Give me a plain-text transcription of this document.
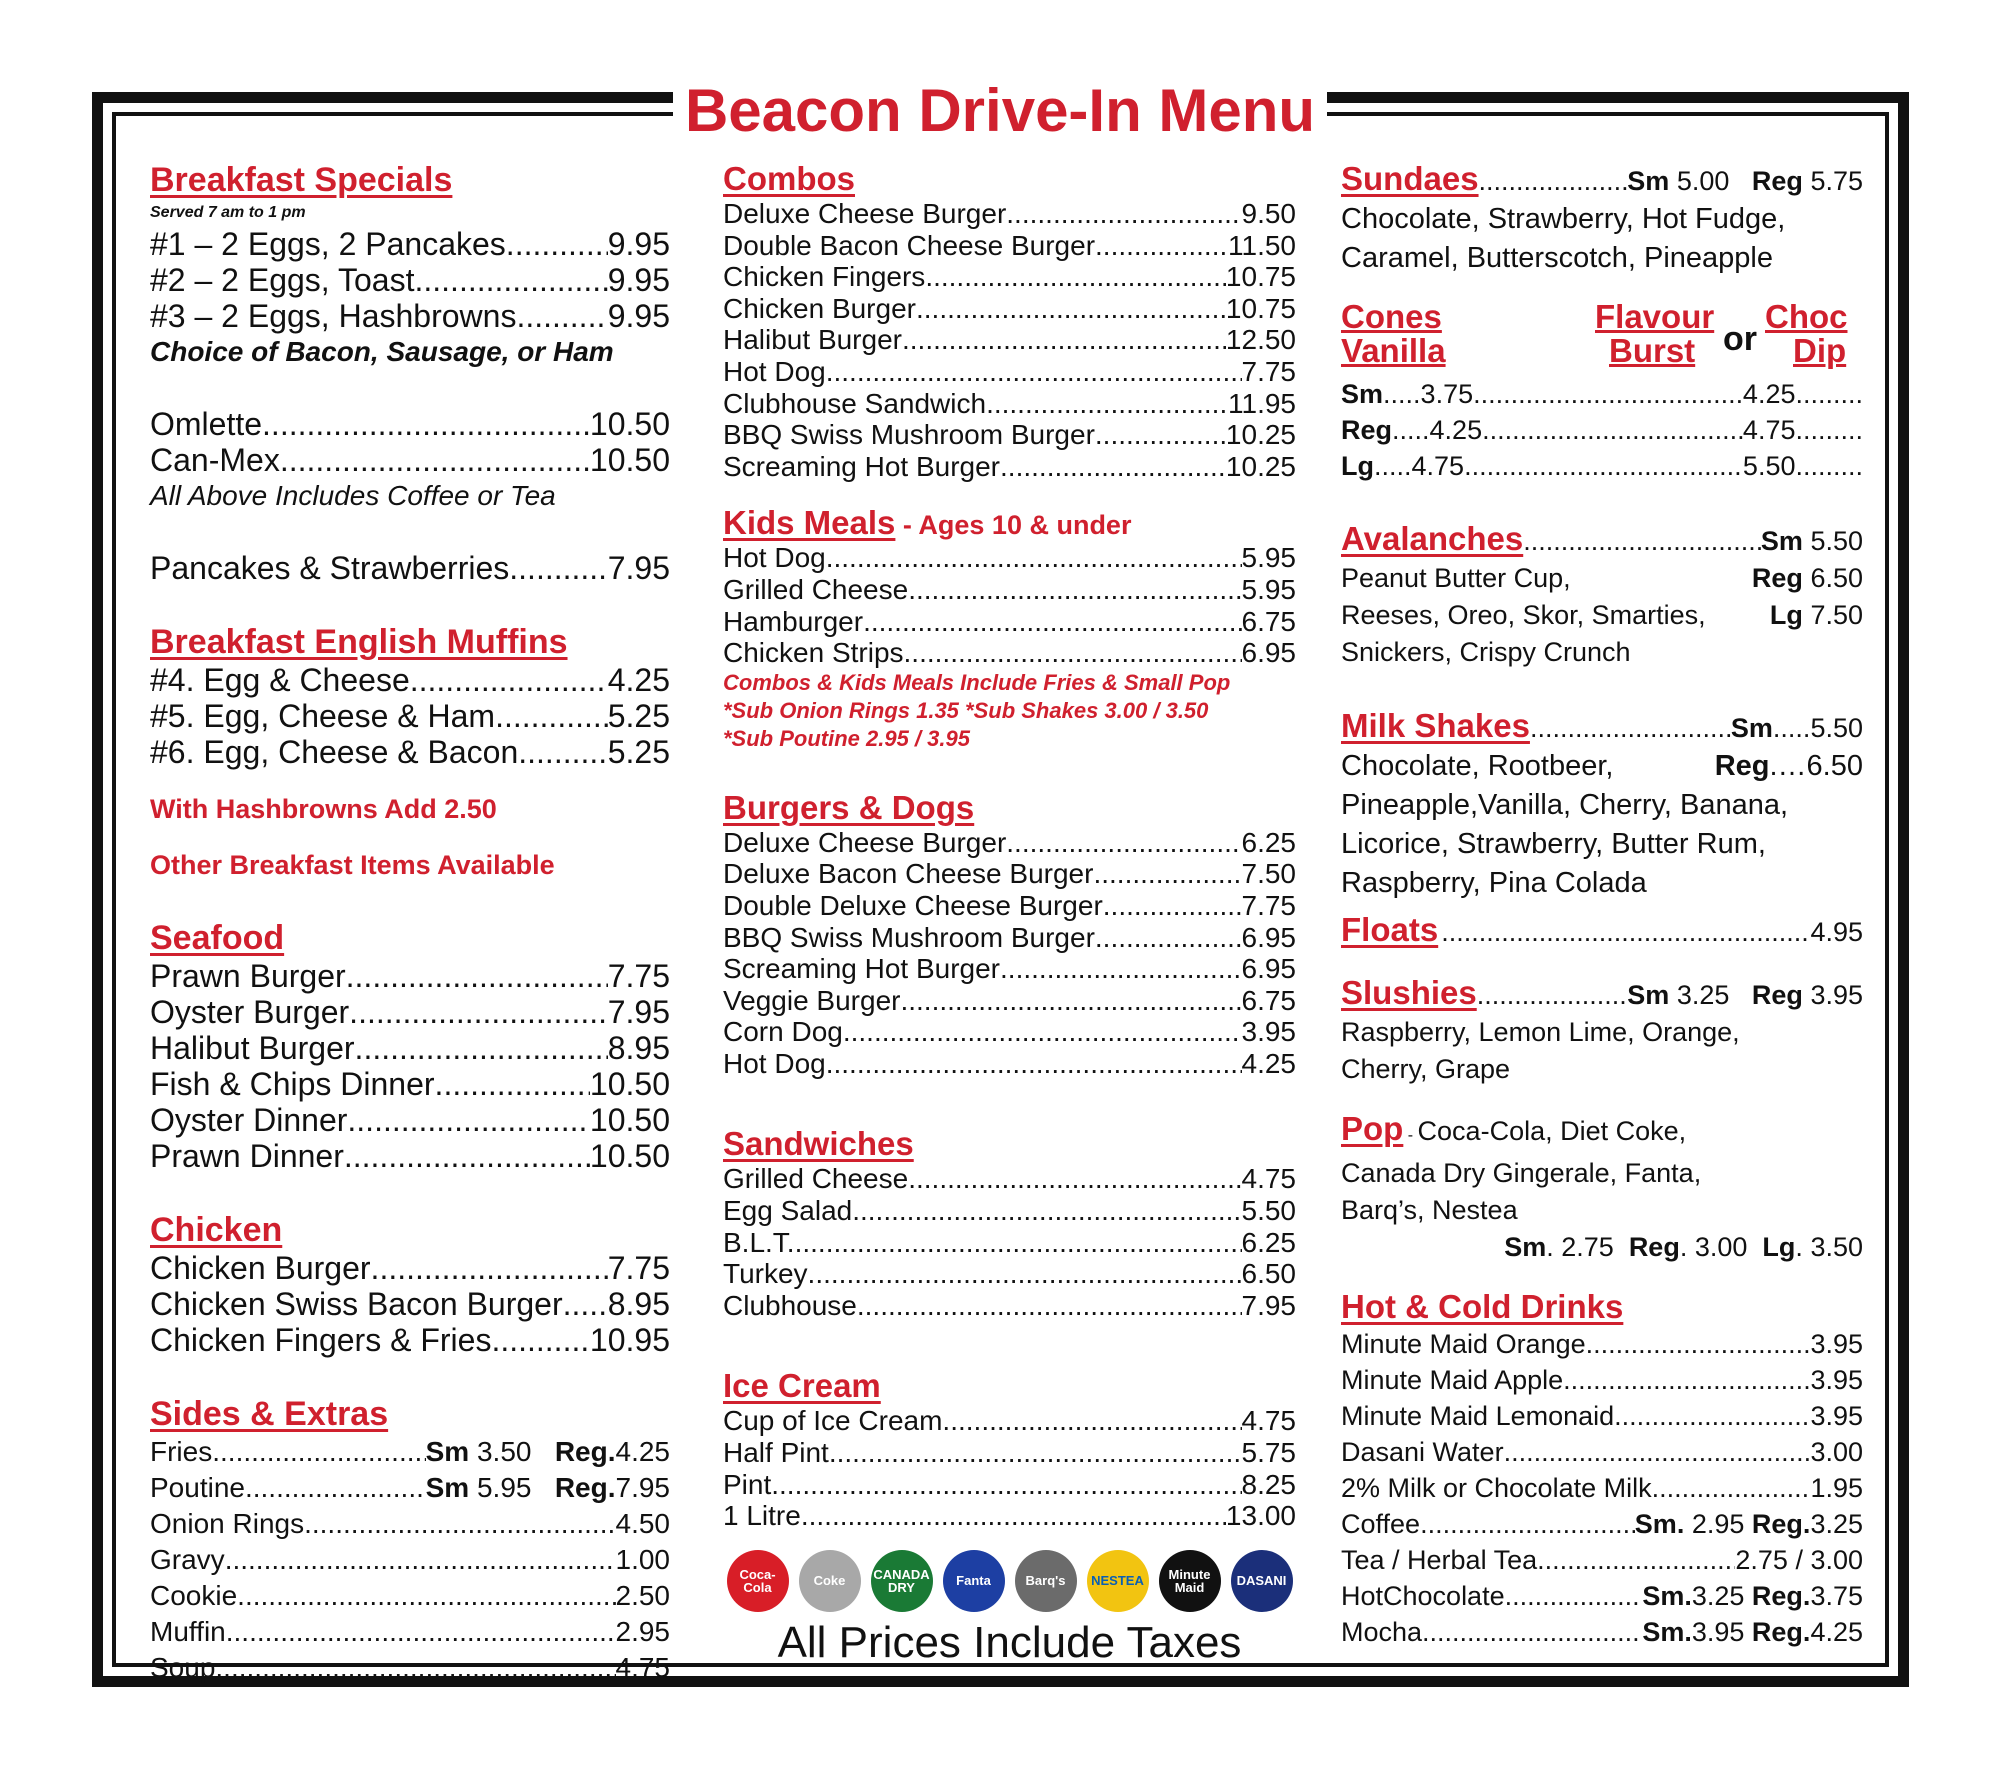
Beacon Drive-In Menu
Breakfast Specials
Served 7 am to 1 pm
#1 – 2 Eggs, 2 Pancakes .....	9.95
#2 – 2 Eggs, Toast .....	9.95
#3 – 2 Eggs, Hashbrowns .....	9.95
Choice of Bacon, Sausage, or Ham
Omlette .....	10.50
Can-Mex .....	10.50
All Above Includes Coffee or Tea
Pancakes & Strawberries .....	7.95
Breakfast English Muffins
#4. Egg & Cheese .....	4.25
#5. Egg, Cheese & Ham .....	5.25
#6. Egg, Cheese & Bacon .....	5.25
With Hashbrowns Add 2.50
Other Breakfast Items Available
Seafood
Prawn Burger .....	7.75
Oyster Burger .....	7.95
Halibut Burger .....	8.95
Fish & Chips Dinner .....	10.50
Oyster Dinner .....	10.50
Prawn Dinner .....	10.50
Chicken
Chicken Burger .....	7.75
Chicken Swiss Bacon Burger ..... 8.95
Chicken Fingers & Fries .....	10.95
Sides & Extras
Fries .....	Sm 3.50 Reg.4.25
Poutine .....	Sm 5.95 Reg.7.95
Onion Rings .....	4.50
Gravy .....	1.00
Cookie .....	2.50
Muffin .....	2.95
Soup .....	4.75
Combos
Deluxe Cheese Burger .....	9.50
Double Bacon Cheese Burger .....	11.50
Chicken Fingers .....	10.75
Chicken Burger .....	10.75
Halibut Burger .....	12.50
Hot Dog .....	7.75
Clubhouse Sandwich .....	11.95
BBQ Swiss Mushroom Burger .....	10.25
Screaming Hot Burger .....	10.25
Kids Meals - Ages 10 & under
Hot Dog .....	5.95
Grilled Cheese .....	5.95
Hamburger .....	6.75
Chicken Strips .....	6.95
Combos & Kids Meals Include Fries & Small Pop
*Sub Onion Rings 1.35 *Sub Shakes 3.00 / 3.50
*Sub Poutine 2.95 / 3.95
Burgers & Dogs
Deluxe Cheese Burger .....	6.25
Deluxe Bacon Cheese Burger .....	7.50
Double Deluxe Cheese Burger .....	7.75
BBQ Swiss Mushroom Burger .....	6.95
Screaming Hot Burger .....	6.95
Veggie Burger .....	6.75
Corn Dog .....	3.95
Hot Dog .....	4.25
Sandwiches
Grilled Cheese .....	4.75
Egg Salad .....	5.50
B.L.T. .....	6.25
Turkey .....	6.50
Clubhouse .....	7.95
Ice Cream
Cup of Ice Cream .....	4.75
Half Pint .....	5.75
Pint .....	8.25
1 Litre .....	13.00
Coca-Cola	Coke	CANADA DRY	Fanta	Barq's	NESTEA	Minute Maid	DASANI
All Prices Include Taxes
Sundaes .....	Sm 5.00 Reg 5.75
Chocolate, Strawberry, Hot Fudge,
Caramel, Butterscotch, Pineapple
Cones
Vanilla
Flavour
Burst or
Choc
Dip
Sm ..... 3.75 .....	4.25 .........
Reg ..... 4.25 .....	4.75 .........
Lg ..... 4.75 .....	5.50 .........
Avalanches .....	Sm 5.50
Peanut Butter Cup,	Reg 6.50
Reeses, Oreo, Skor, Smarties, Lg 7.50
Snickers, Crispy Crunch
Milk Shakes .....	Sm.....5.50
Chocolate, Rootbeer,	Reg.…6.50
Pineapple,Vanilla, Cherry, Banana,
Licorice, Strawberry, Butter Rum,
Raspberry, Pina Colada
Floats .....	4.95
Slushies .....	Sm 3.25 Reg 3.95
Raspberry, Lemon Lime, Orange,
Cherry, Grape
Pop - Coca-Cola, Diet Coke,
Canada Dry Gingerale, Fanta,
Barq’s, Nestea
Sm. 2.75 Reg. 3.00 Lg. 3.50
Hot & Cold Drinks
Minute Maid Orange .....	3.95
Minute Maid Apple .....	3.95
Minute Maid Lemonaid .....	3.95
Dasani Water .....	3.00
2% Milk or Chocolate Milk .....	1.95
Coffee .....	Sm. 2.95 Reg.3.25
Tea / Herbal Tea .....	2.75 / 3.00
HotChocolate .....	Sm.3.25 Reg.3.75
Mocha .....	Sm.3.95 Reg.4.25
